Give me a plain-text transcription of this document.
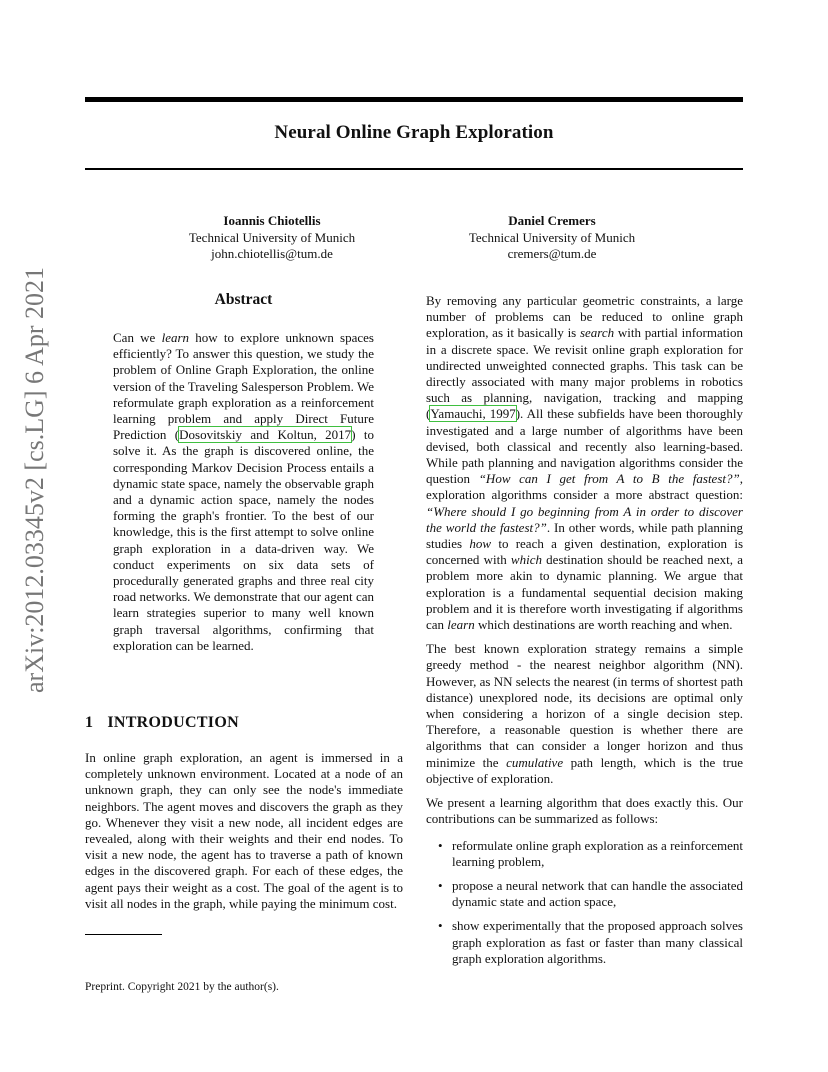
Neural Online Graph Exploration
arXiv:2012.03345v2 [cs.LG] 6 Apr 2021
Ioannis Chiotellis
Technical University of Munich
john.chiotellis@tum.de
Daniel Cremers
Technical University of Munich
cremers@tum.de
Abstract

Can we learn how to explore unknown spaces efficiently? To answer this question, we study the problem of Online Graph Exploration, the online version of the Traveling Salesperson Problem. We reformulate graph exploration as a reinforcement learning problem and apply Direct Future Prediction (Dosovitskiy and Koltun, 2017) to solve it. As the graph is discovered online, the corresponding Markov Decision Process entails a dynamic state space, namely the observable graph and a dynamic action space, namely the nodes forming the graph's frontier. To the best of our knowledge, this is the first attempt to solve online graph exploration in a data-driven way. We conduct experiments on six data sets of procedurally generated graphs and three real city road networks. We demonstrate that our agent can learn strategies superior to many well known graph traversal algorithms, confirming that exploration can be learned.

1 INTRODUCTION

In online graph exploration, an agent is immersed in a completely unknown environment. Located at a node of an unknown graph, they can only see the node's immediate neighbors. The agent moves and discovers the graph as they go. Whenever they visit a new node, all incident edges are revealed, along with their weights and their end nodes. To visit a new node, the agent has to traverse a path of known edges in the discovered graph. For each of these edges, the agent pays their weight as a cost. The goal of the agent is to visit all nodes in the graph, while paying the minimum cost.

Preprint. Copyright 2021 by the author(s).

By removing any particular geometric constraints, a large number of problems can be reduced to online graph exploration, as it basically is search with partial information in a discrete space. We revisit online graph exploration for undirected unweighted connected graphs. This task can be directly associated with many major problems in robotics such as planning, navigation, tracking and mapping (Yamauchi, 1997). All these subfields have been thoroughly investigated and a large number of algorithms have been devised, both classical and recently also learning-based. While path planning and navigation algorithms consider the question “How can I get from A to B the fastest?”, exploration algorithms consider a more abstract question: “Where should I go beginning from A in order to discover the world the fastest?”. In other words, while path planning studies how to reach a given destination, exploration is concerned with which destination should be reached next, a problem more akin to dynamic planning. We argue that exploration is a fundamental sequential decision making problem and it is therefore worth investigating if algorithms can learn which destinations are worth reaching and when.

The best known exploration strategy remains a simple greedy method - the nearest neighbor algorithm (NN). However, as NN selects the nearest (in terms of shortest path distance) unexplored node, its decisions are optimal only when considering a horizon of a single decision step. Therefore, a reasonable question is whether there are algorithms that can consider a longer horizon and thus minimize the cumulative path length, which is the true objective of exploration.

We present a learning algorithm that does exactly this. Our contributions can be summarized as follows:

• reformulate online graph exploration as a reinforcement learning problem,
• propose a neural network that can handle the associated dynamic state and action space,
• show experimentally that the proposed approach solves graph exploration as fast or faster than many classical graph exploration algorithms.
